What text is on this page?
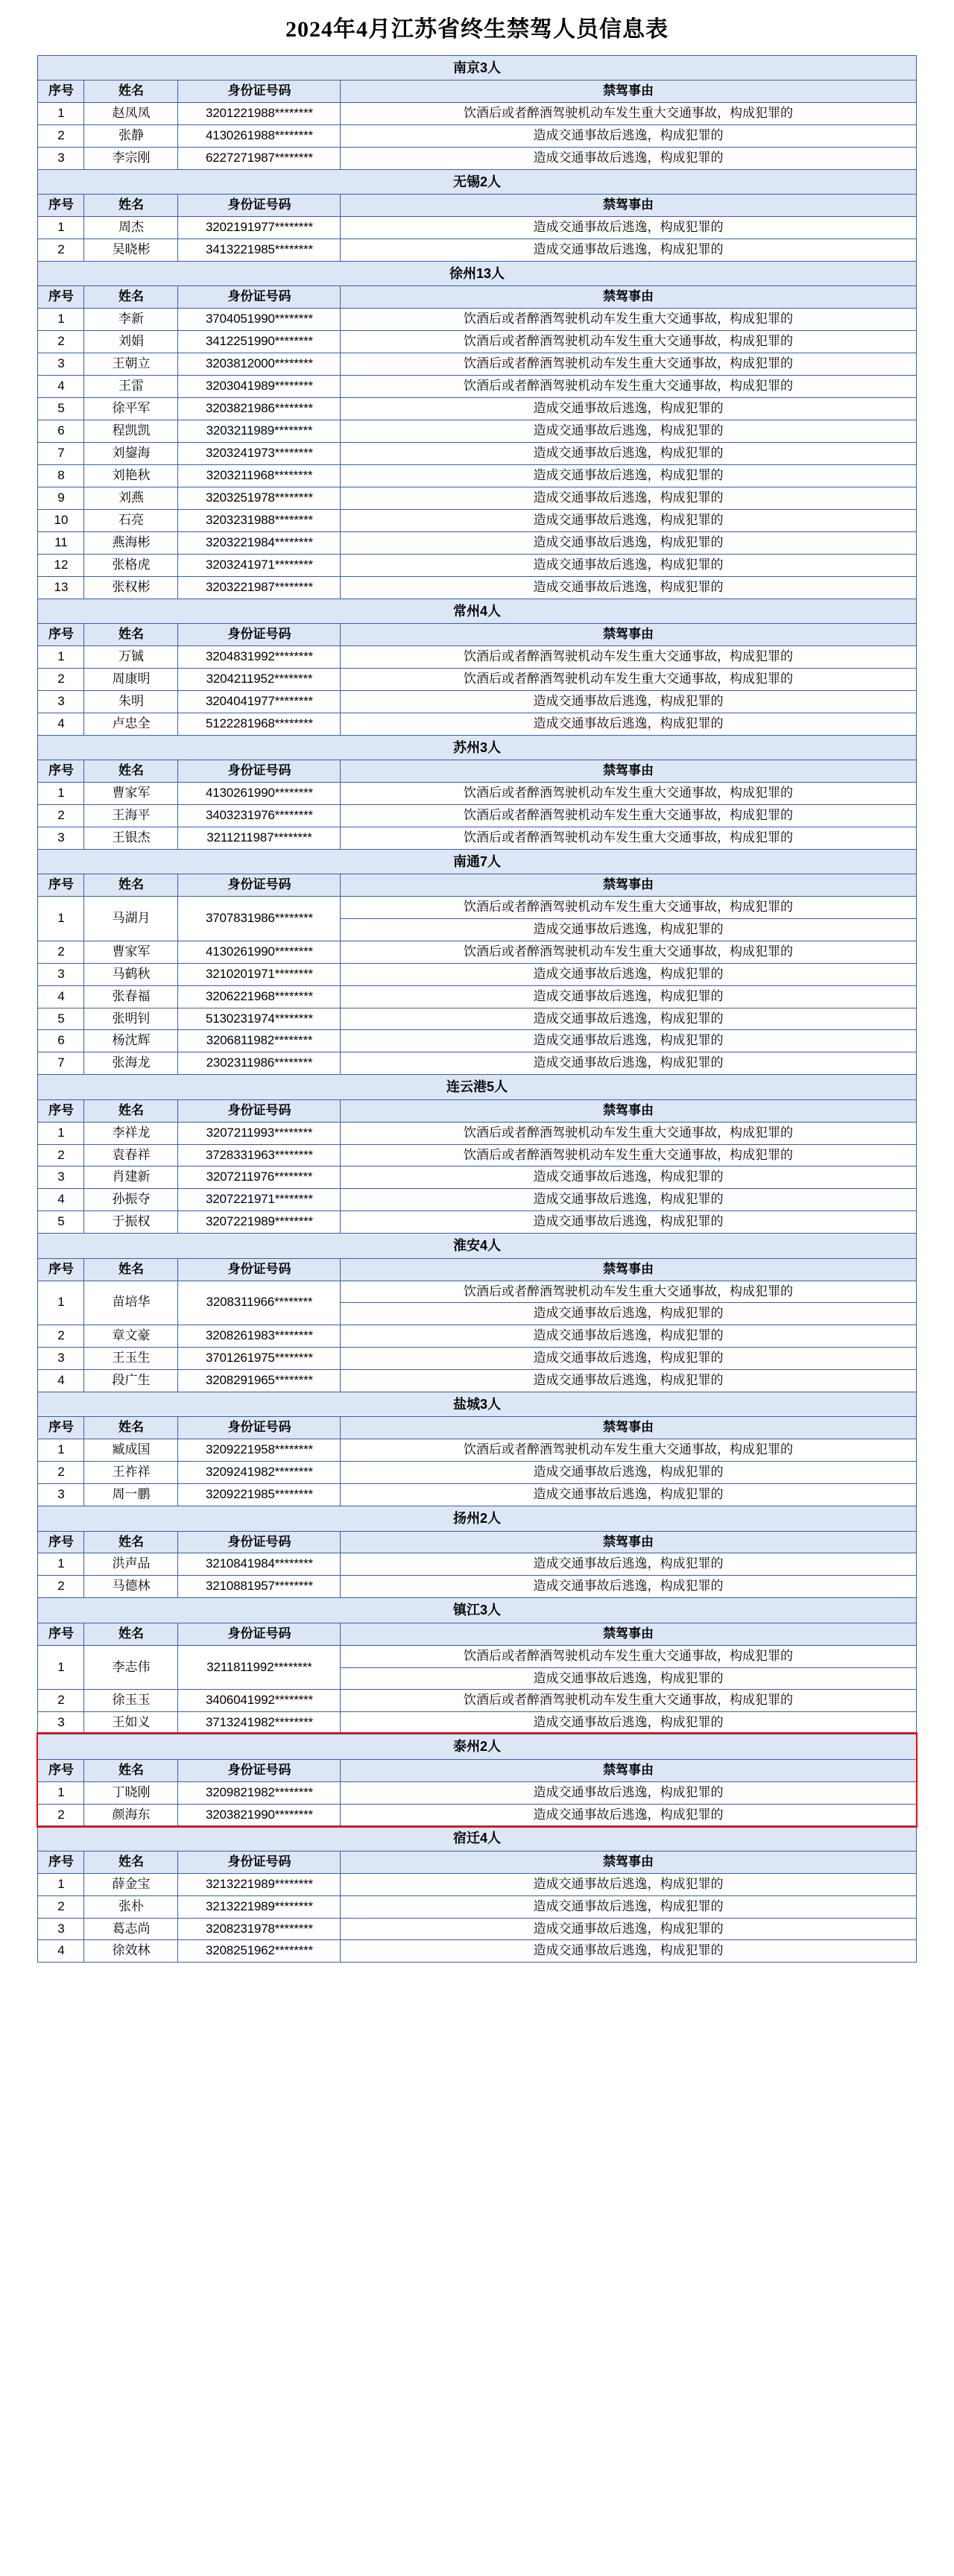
2024年4月江苏省终生禁驾人员信息表
南京3人			
序号	姓名	身份证号码	禁驾事由
1	赵凤凤	3201221988********	饮酒后或者醉酒驾驶机动车发生重大交通事故，构成犯罪的
2	张静	4130261988********	造成交通事故后逃逸，构成犯罪的
3	李宗刚	6227271987********	造成交通事故后逃逸，构成犯罪的
无锡2人			
序号	姓名	身份证号码	禁驾事由
1	周杰	3202191977********	造成交通事故后逃逸，构成犯罪的
2	吴晓彬	3413221985********	造成交通事故后逃逸，构成犯罪的
徐州13人			
序号	姓名	身份证号码	禁驾事由
1	李新	3704051990********	饮酒后或者醉酒驾驶机动车发生重大交通事故，构成犯罪的
2	刘娟	3412251990********	饮酒后或者醉酒驾驶机动车发生重大交通事故，构成犯罪的
3	王朝立	3203812000********	饮酒后或者醉酒驾驶机动车发生重大交通事故，构成犯罪的
4	王雷	3203041989********	饮酒后或者醉酒驾驶机动车发生重大交通事故，构成犯罪的
5	徐平军	3203821986********	造成交通事故后逃逸，构成犯罪的
6	程凯凯	3203211989********	造成交通事故后逃逸，构成犯罪的
7	刘鋆海	3203241973********	造成交通事故后逃逸，构成犯罪的
8	刘艳秋	3203211968********	造成交通事故后逃逸，构成犯罪的
9	刘燕	3203251978********	造成交通事故后逃逸，构成犯罪的
10	石亮	3203231988********	造成交通事故后逃逸，构成犯罪的
11	燕海彬	3203221984********	造成交通事故后逃逸，构成犯罪的
12	张格虎	3203241971********	造成交通事故后逃逸，构成犯罪的
13	张权彬	3203221987********	造成交通事故后逃逸，构成犯罪的
常州4人			
序号	姓名	身份证号码	禁驾事由
1	万铖	3204831992********	饮酒后或者醉酒驾驶机动车发生重大交通事故，构成犯罪的
2	周康明	3204211952********	饮酒后或者醉酒驾驶机动车发生重大交通事故，构成犯罪的
3	朱明	3204041977********	造成交通事故后逃逸，构成犯罪的
4	卢忠全	5122281968********	造成交通事故后逃逸，构成犯罪的
苏州3人			
序号	姓名	身份证号码	禁驾事由
1	曹家军	4130261990********	饮酒后或者醉酒驾驶机动车发生重大交通事故，构成犯罪的
2	王海平	3403231976********	饮酒后或者醉酒驾驶机动车发生重大交通事故，构成犯罪的
3	王银杰	3211211987********	饮酒后或者醉酒驾驶机动车发生重大交通事故，构成犯罪的
南通7人			
序号	姓名	身份证号码	禁驾事由
1	马湖月	3707831986********	饮酒后或者醉酒驾驶机动车发生重大交通事故，构成犯罪的
			造成交通事故后逃逸，构成犯罪的
2	曹家军	4130261990********	饮酒后或者醉酒驾驶机动车发生重大交通事故，构成犯罪的
3	马鹤秋	3210201971********	造成交通事故后逃逸，构成犯罪的
4	张春福	3206221968********	造成交通事故后逃逸，构成犯罪的
5	张明钊	5130231974********	造成交通事故后逃逸，构成犯罪的
6	杨沈辉	3206811982********	造成交通事故后逃逸，构成犯罪的
7	张海龙	2302311986********	造成交通事故后逃逸，构成犯罪的
连云港5人			
序号	姓名	身份证号码	禁驾事由
1	李祥龙	3207211993********	饮酒后或者醉酒驾驶机动车发生重大交通事故，构成犯罪的
2	袁春祥	3728331963********	饮酒后或者醉酒驾驶机动车发生重大交通事故，构成犯罪的
3	肖建新	3207211976********	造成交通事故后逃逸，构成犯罪的
4	孙振夺	3207221971********	造成交通事故后逃逸，构成犯罪的
5	于振权	3207221989********	造成交通事故后逃逸，构成犯罪的
淮安4人			
序号	姓名	身份证号码	禁驾事由
1	苗培华	3208311966********	饮酒后或者醉酒驾驶机动车发生重大交通事故，构成犯罪的
			造成交通事故后逃逸，构成犯罪的
2	章文豪	3208261983********	造成交通事故后逃逸，构成犯罪的
3	王玉生	3701261975********	造成交通事故后逃逸，构成犯罪的
4	段广生	3208291965********	造成交通事故后逃逸，构成犯罪的
盐城3人			
序号	姓名	身份证号码	禁驾事由
1	臧成国	3209221958********	饮酒后或者醉酒驾驶机动车发生重大交通事故，构成犯罪的
2	王祚祥	3209241982********	造成交通事故后逃逸，构成犯罪的
3	周一鹏	3209221985********	造成交通事故后逃逸，构成犯罪的
扬州2人			
序号	姓名	身份证号码	禁驾事由
1	洪声品	3210841984********	造成交通事故后逃逸，构成犯罪的
2	马德林	3210881957********	造成交通事故后逃逸，构成犯罪的
镇江3人			
序号	姓名	身份证号码	禁驾事由
1	李志伟	3211811992********	饮酒后或者醉酒驾驶机动车发生重大交通事故，构成犯罪的
			造成交通事故后逃逸，构成犯罪的
2	徐玉玉	3406041992********	饮酒后或者醉酒驾驶机动车发生重大交通事故，构成犯罪的
3	王如义	3713241982********	造成交通事故后逃逸，构成犯罪的
泰州2人			
序号	姓名	身份证号码	禁驾事由
1	丁晓刚	3209821982********	造成交通事故后逃逸，构成犯罪的
2	颜海东	3203821990********	造成交通事故后逃逸，构成犯罪的
宿迁4人			
序号	姓名	身份证号码	禁驾事由
1	薛金宝	3213221989********	造成交通事故后逃逸，构成犯罪的
2	张朴	3213221989********	造成交通事故后逃逸，构成犯罪的
3	葛志尚	3208231978********	造成交通事故后逃逸，构成犯罪的
4	徐效林	3208251962********	造成交通事故后逃逸，构成犯罪的
